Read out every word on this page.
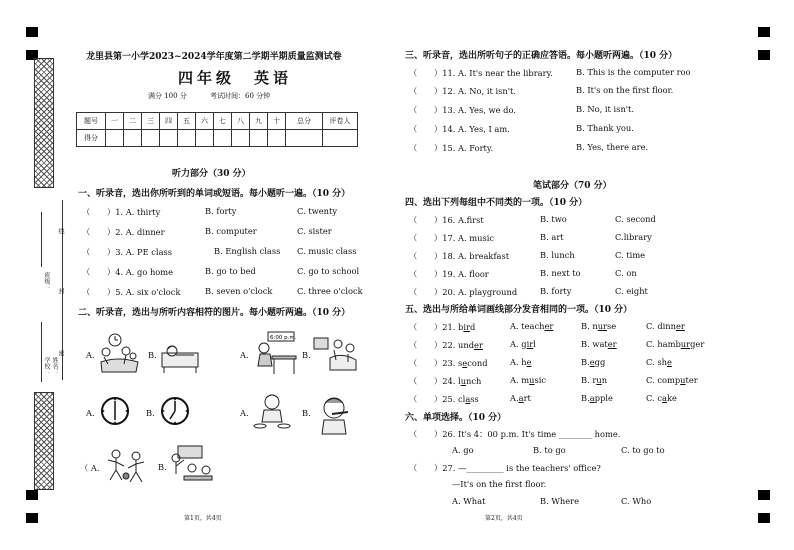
线
封
密
班级：
学校： 姓名：
龙里县第一小学2023~2024学年度第二学期半期质量监测试卷
四年级　英语
满分 100 分	考试时间：60 分钟
题号	一	二	三	四	五	六	七	八	九	十	总分	评卷人
得分												
听力部分（30 分）
一、听录音，选出你所听到的单词或短语。每小题听一遍。（10 分）
（　　）1. A. thirty	B. forty	C. twenty
（　　）2. A. dinner	B. computer	C. sister
（　　）3. A. PE class	B. English class C. music class
（　　）4. A. go home	B. go to bed	C. go to school
（　　）5. A. six o'clock	B. seven o'clock	C. three o'clock
二、听录音，选出与所听内容相符的图片。每小题听两遍。（10 分）
A.	B.	A.
6:00 p.m.
B.
A.	B.	A.	B.
（ A.	B.
第1页，共4页
三、听录音，选出所听句子的正确应答语。每小题听两遍。（10 分）
（　　）11. A. It's near the library.	B. This is the computer roo
（　　）12. A. No, it isn't.	B. It's on the first floor.
（　　）13. A. Yes, we do.	B. No, it isn't.
（　　）14. A. Yes, I am.	B. Thank you.
（　　）15. A. Forty.	B. Yes, there are.
笔试部分（70 分）
四、选出下列每组中不同类的一项。（10 分）
（　　）16. A.first	B. two	C. second
（　　）17. A. music	B. art	C.library
（　　）18. A. breakfast	B. lunch	C. time
（　　）19. A. floor	B. next to	C. on
（　　）20. A. playground	B. forty	C. eight
五、选出与所给单词画线部分发音相同的一项。（10 分）
（　　）21. bird	A. teacher	B. nurse	C. dinner
（　　）22. under	A. girl	B. water	C. hamburger
（　　）23. second	A. he	B.egg	C. she
（　　）24. lunch	A. music	B. run	C. computer
（　　）25. class	A.art	B.apple	C. cake
六、单项选择。（10 分）
（　　）26. It's 4：00 p.m. It's time ________ home.
A. go	B. to go	C. to go to
（　　）27. —_________ is the teachers' office?
—It's on the first floor.
A. What	B. Where	C. Who
第2页，共4页
